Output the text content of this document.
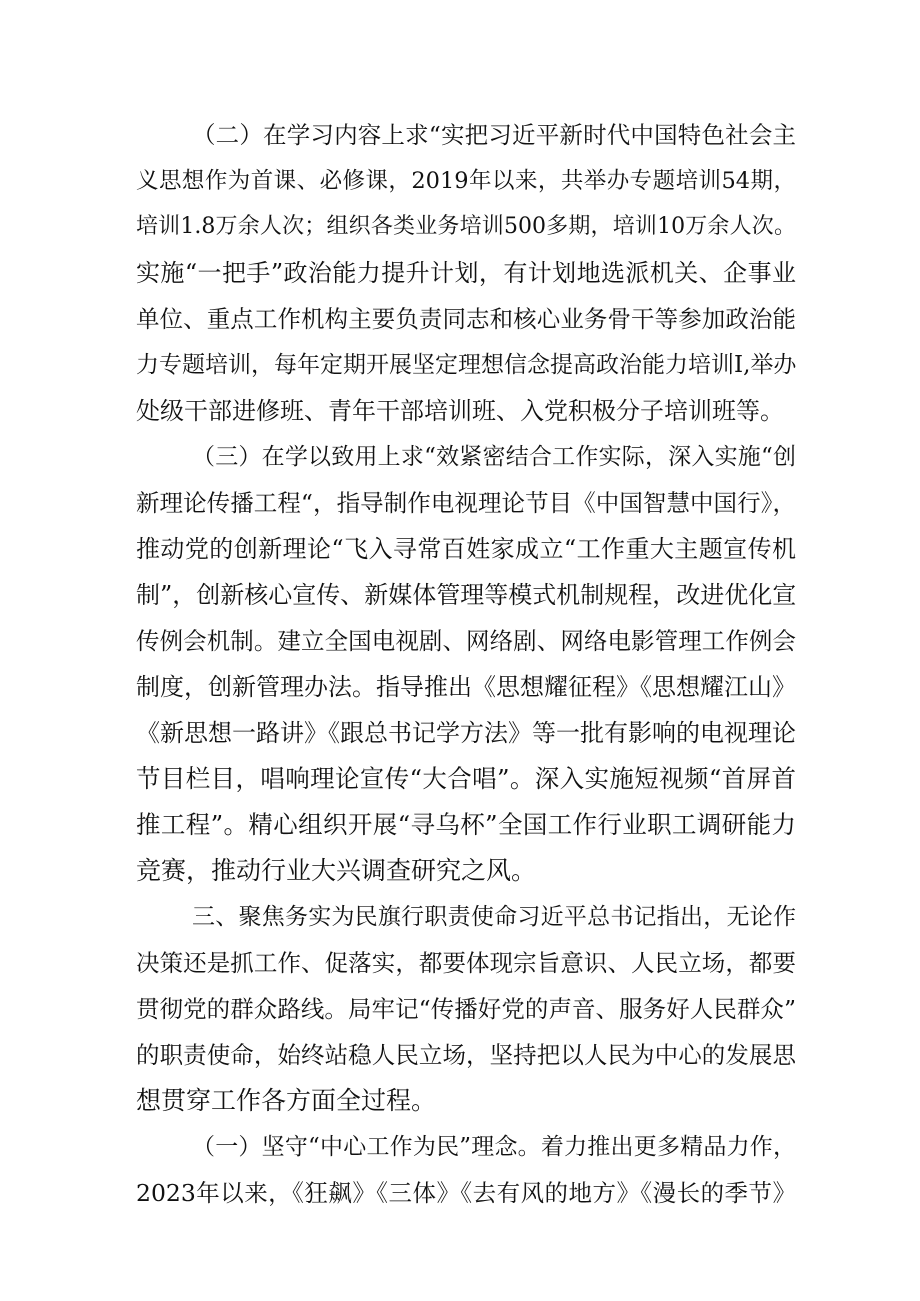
（二）在学习内容上求“实把习近平新时代中国特色社会主
义思想作为首课、必修课，2019年以来，共举办专题培训54期，
培训1.8万余人次；组织各类业务培训500多期，培训10万余人次。
实施“一把手”政治能力提升计划，有计划地选派机关、企事业
单位、重点工作机构主要负责同志和核心业务骨干等参加政治能
力专题培训，每年定期开展坚定理想信念提高政治能力培训I,举办
处级干部进修班、青年干部培训班、入党积极分子培训班等。
（三）在学以致用上求“效紧密结合工作实际，深入实施“创
新理论传播工程“，指导制作电视理论节目《中国智慧中国行》，
推动党的创新理论“飞入寻常百姓家成立“工作重大主题宣传机
制”，创新核心宣传、新媒体管理等模式机制规程，改进优化宣
传例会机制。建立全国电视剧、网络剧、网络电影管理工作例会
制度，创新管理办法。指导推出《思想耀征程》《思想耀江山》
《新思想一路讲》《跟总书记学方法》等一批有影响的电视理论
节目栏目，唱响理论宣传“大合唱”。深入实施短视频“首屏首
推工程”。精心组织开展“寻乌杯”全国工作行业职工调研能力
竞赛，推动行业大兴调查研究之风。
三、聚焦务实为民旗行职责使命习近平总书记指出，无论作
决策还是抓工作、促落实，都要体现宗旨意识、人民立场，都要
贯彻党的群众路线。局牢记“传播好党的声音、服务好人民群众”
的职责使命，始终站稳人民立场，坚持把以人民为中心的发展思
想贯穿工作各方面全过程。
（一）坚守“中心工作为民”理念。着力推出更多精品力作，
2023年以来，《狂飙》《三体》《去有风的地方》《漫长的季节》
